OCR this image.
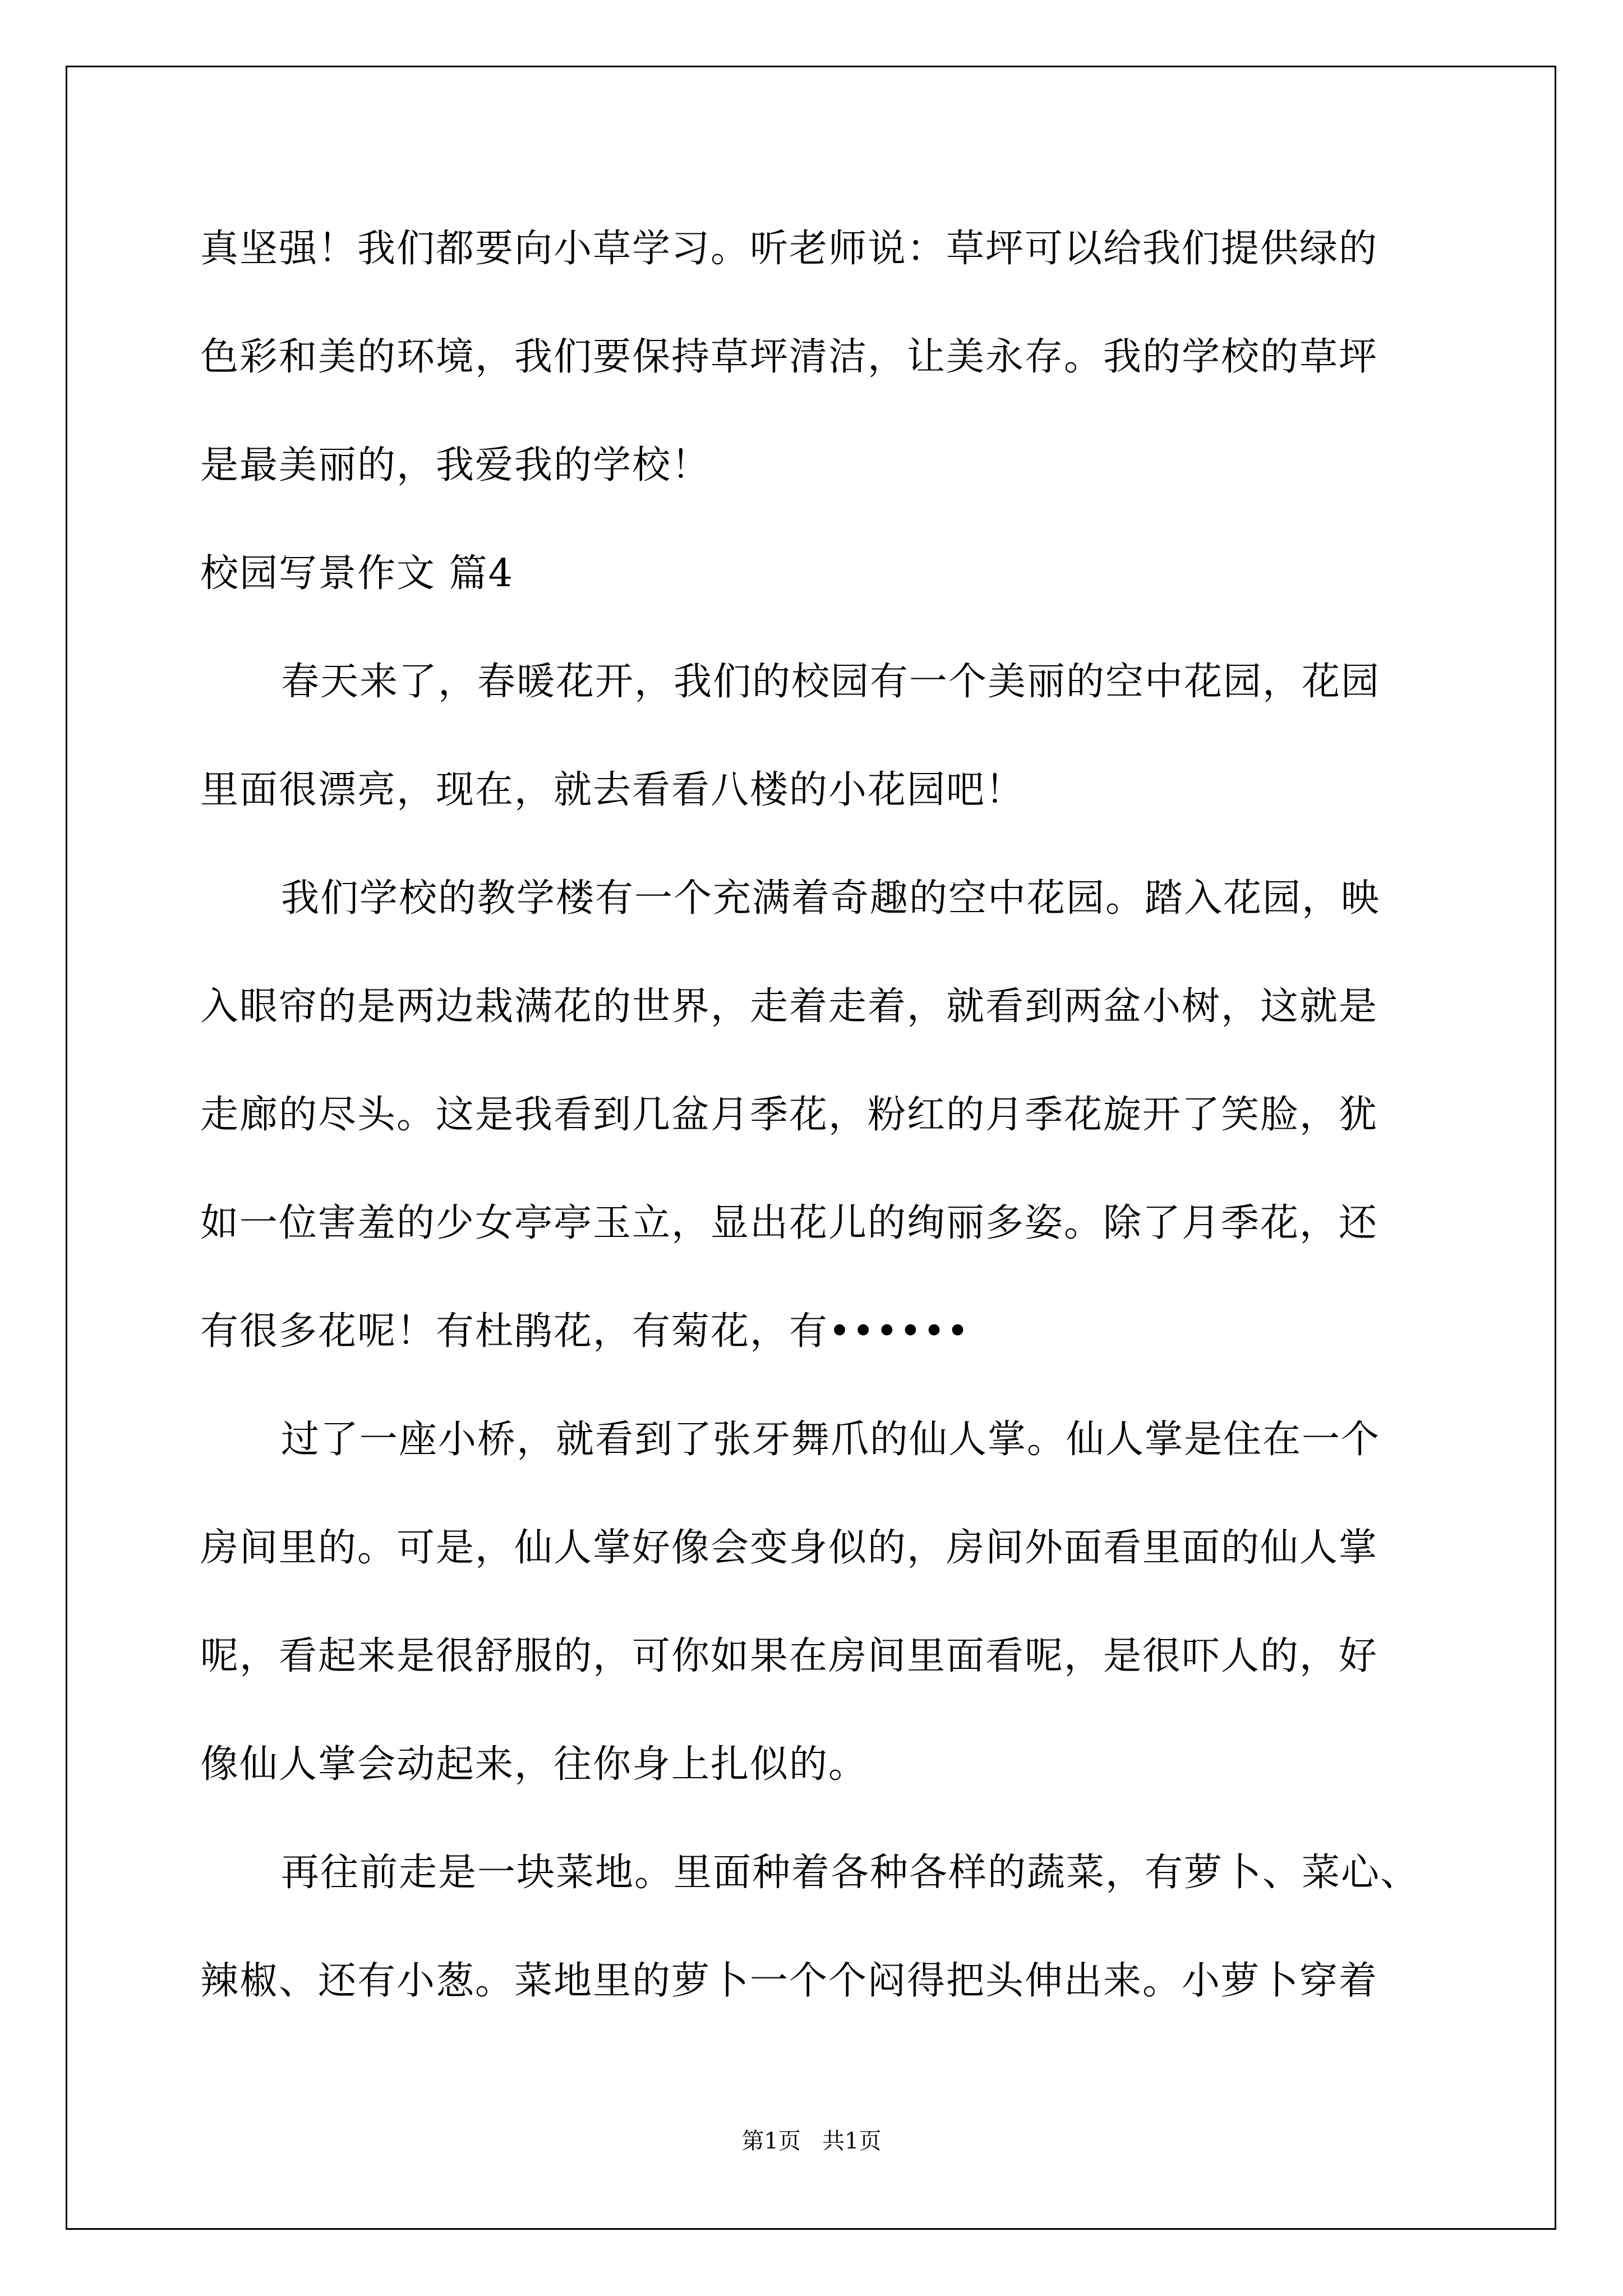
真坚强！我们都要向小草学习。听老师说：草坪可以给我们提供绿的
色彩和美的环境，我们要保持草坪清洁，让美永存。我的学校的草坪
是最美丽的，我爱我的学校！
校园写景作文 篇4
春天来了，春暖花开，我们的校园有一个美丽的空中花园，花园
里面很漂亮，现在，就去看看八楼的小花园吧！
我们学校的教学楼有一个充满着奇趣的空中花园。踏入花园，映
入眼帘的是两边栽满花的世界，走着走着，就看到两盆小树，这就是
走廊的尽头。这是我看到几盆月季花，粉红的月季花旋开了笑脸，犹
如一位害羞的少女亭亭玉立，显出花儿的绚丽多姿。除了月季花，还
有很多花呢！有杜鹃花，有菊花，有••••••
过了一座小桥，就看到了张牙舞爪的仙人掌。仙人掌是住在一个
房间里的。可是，仙人掌好像会变身似的，房间外面看里面的仙人掌
呢，看起来是很舒服的，可你如果在房间里面看呢，是很吓人的，好
像仙人掌会动起来，往你身上扎似的。
再往前走是一块菜地。里面种着各种各样的蔬菜，有萝卜、菜心、
辣椒、还有小葱。菜地里的萝卜一个个闷得把头伸出来。小萝卜穿着
第1页   共1页
